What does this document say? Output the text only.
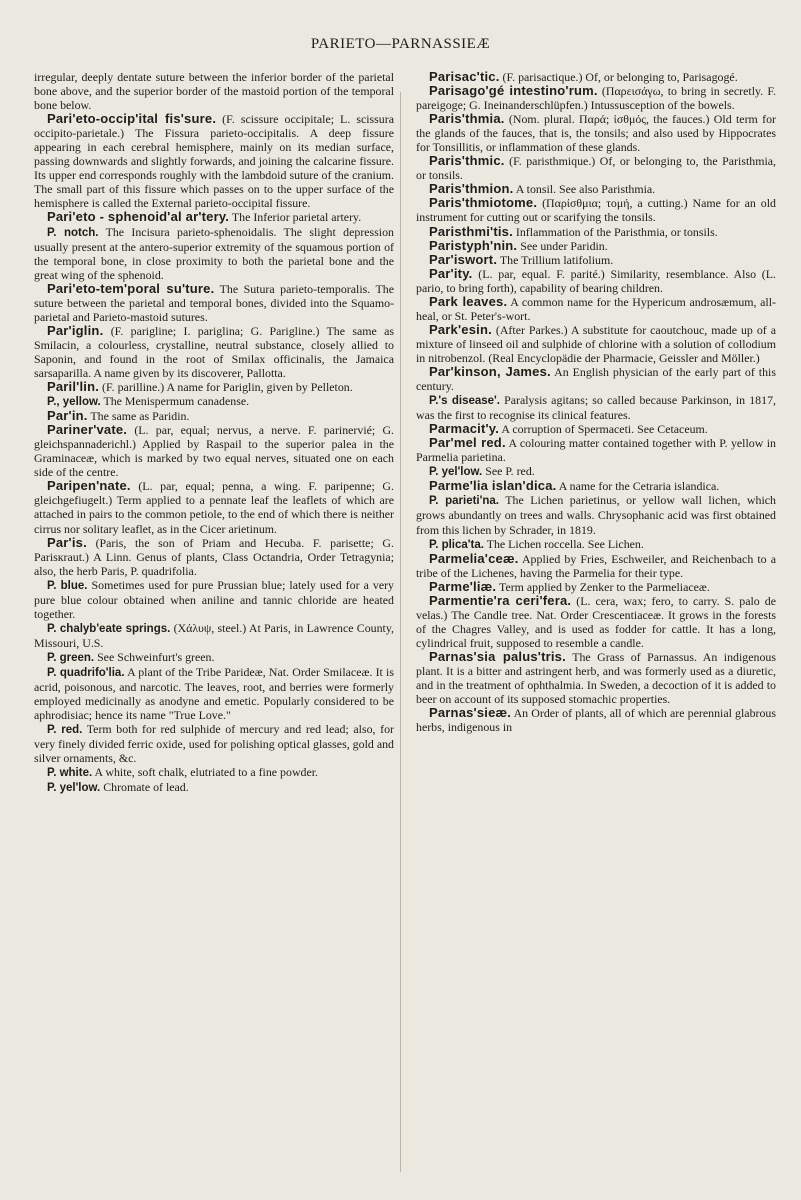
PARIETO—PARNASSIEÆ

irregular, deeply dentate suture between the inferior border of the parietal bone above, and the superior border of the mastoid portion of the temporal bone below.

Pari'eto-occip'ital fis'sure. (F. scissure occipitale; L. scissura occipito-parietale.) The Fissura parieto-occipitalis. A deep fissure appearing in each cerebral hemisphere, mainly on its median surface, passing downwards and slightly forwards, and joining the calcarine fissure. Its upper end corresponds roughly with the lambdoid suture of the cranium. The small part of this fissure which passes on to the upper surface of the hemisphere is called the External parieto-occipital fissure.

Pari'eto - sphenoid'al ar'tery. The Inferior parietal artery.

P. notch. The Incisura parieto-sphenoidalis. The slight depression usually present at the antero-superior extremity of the squamous portion of the temporal bone, in close proximity to both the parietal bone and the great wing of the sphenoid.

Pari'eto-tem'poral su'ture. The Sutura parieto-temporalis. The suture between the parietal and temporal bones, divided into the Squamo-parietal and Parieto-mastoid sutures.

Par'iglin. (F. pariglinе; I. pariglina; G. Parigline.) The same as Smilacin, a colourless, crystalline, neutral substance, closely allied to Saponin, and found in the root of Smilax officinalis, the Jamaica sarsaparilla. A name given by its discoverer, Pallotta.

Paril'lin. (F. parilline.) A name for Pariglin, given by Pelleton.

P., yellow. The Menispermum canadense.

Par'in. The same as Paridin.

Pariner'vate. (L. par, equal; nervus, a nerve. F. parinervié; G. gleichspannaderichl.) Applied by Raspail to the superior palea in the Graminaceæ, which is marked by two equal nerves, situated one on each side of the centre.

Paripen'nate. (L. par, equal; penna, a wing. F. paripenne; G. gleichgefiugelt.) Term applied to a pennate leaf the leaflets of which are attached in pairs to the common petiole, to the end of which there is neither cirrus nor solitary leaflet, as in the Cicer arietinum.

Par'is. (Paris, the son of Priam and Hecuba. F. parisette; G. Parisкraut.) A Linn. Genus of plants, Class Octandria, Order Tetragynia; also, the herb Paris, P. quadrifolia.

P. blue. Sometimes used for pure Prussian blue; lately used for a very pure blue colour obtained when aniline and tannic chloride are heated together.

P. chalyb'eate springs. (Χάλυψ, steel.) At Paris, in Lawrence County, Missouri, U.S.

P. green. See Schweinfurt's green.

P. quadrifo'lia. A plant of the Tribe Parideæ, Nat. Order Smilaceæ. It is acrid, poisonous, and narcotic. The leaves, root, and berries were formerly employed medicinally as anodyne and emetic. Popularly considered to be aphrodisiac; hence its name "True Love."

P. red. Term both for red sulphide of mercury and red lead; also, for very finely divided ferric oxide, used for polishing optical glasses, gold and silver ornaments, &c.

P. white. A white, soft chalk, elutriated to a fine powder.

P. yel'low. Chromate of lead.

Parisac'tic. (F. parisactique.) Of, or belonging to, Parisagogé.

Parisago'gé intestino'rum. (Παρεισάγω, to bring in secretly. F. pareigoge; G. Ineinanderschlüpfen.) Intussusception of the bowels.

Paris'thmia. (Nom. plural. Παρά; ἰσθμός, the fauces.) Old term for the glands of the fauces, that is, the tonsils; and also used by Hippocrates for Tonsillitis, or inflammation of these glands.

Paris'thmic. (F. paristhmique.) Of, or belonging to, the Paristhmia, or tonsils.

Paris'thmion. A tonsil. See also Paristhmia.

Paris'thmiotome. (Παρίσθμια; τομή, a cutting.) Name for an old instrument for cutting out or scarifying the tonsils.

Paristhmi'tis. Inflammation of the Paristhmia, or tonsils.

Paristyph'nin. See under Paridin.

Par'iswort. The Trillium latifolium.

Par'ity. (L. par, equal. F. parité.) Similarity, resemblance. Also (L. pario, to bring forth), capability of bearing children.

Park leaves. A common name for the Hypericum androsæmum, all-heal, or St. Peter's-wort.

Park'esin. (After Parkes.) A substitute for caoutchouc, made up of a mixture of linseed oil and sulphide of chlorine with a solution of collodium in nitrobenzol. (Real Encyclopädie der Pharmacie, Geissler and Möller.)

Par'kinson, James. An English physician of the early part of this century.

P.'s disease'. Paralysis agitans; so called because Parkinson, in 1817, was the first to recognise its clinical features.

Parmacit'y. A corruption of Spermaceti. See Cetaceum.

Par'mel red. A colouring matter contained together with P. yellow in Parmelia parietina.

P. yel'low. See P. red.

Parme'lia islan'dica. A name for the Cetraria islandica.

P. parieti'na. The Lichen parietinus, or yellow wall lichen, which grows abundantly on trees and walls. Chrysophanic acid was first obtained from this lichen by Schrader, in 1819.

P. plica'ta. The Lichen roccella. See Lichen.

Parmelia'ceæ. Applied by Fries, Eschweiler, and Reichenbach to a tribe of the Lichenes, having the Parmelia for their type.

Parme'liæ. Term applied by Zenker to the Parmeliaceæ.

Parmentie'ra ceri'fera. (L. cera, wax; fero, to carry. S. palo de velas.) The Candle tree. Nat. Order Crescentiaceæ. It grows in the forests of the Chagres Valley, and is used as fodder for cattle. It has a long, cylindrical fruit, supposed to resemble a candle.

Parnas'sia palus'tris. The Grass of Parnassus. An indigenous plant. It is a bitter and astringent herb, and was formerly used as a diuretic, and in the treatment of ophthalmia. In Sweden, a decoction of it is added to beer on account of its supposed stomachic properties.

Parnas'sieæ. An Order of plants, all of which are perennial glabrous herbs, indigenous in
